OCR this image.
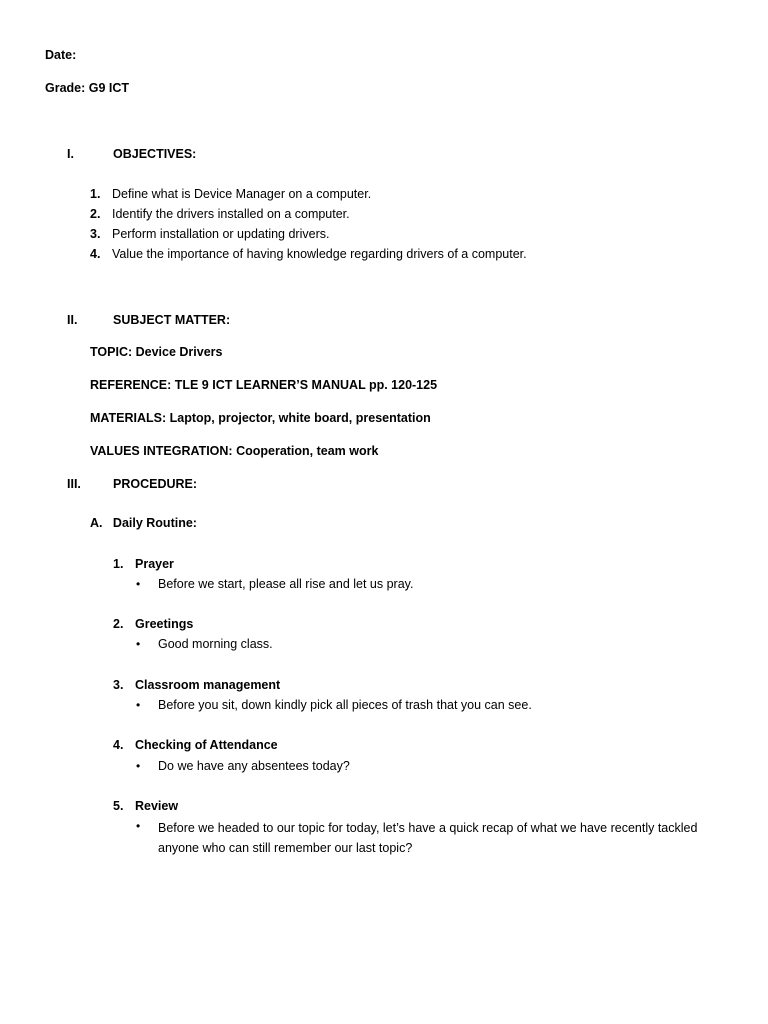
Date:
Grade: G9 ICT
I.	OBJECTIVES:
1. Define what is Device Manager on a computer.
2. Identify the drivers installed on a computer.
3. Perform installation or updating drivers.
4. Value the importance of having knowledge regarding drivers of a computer.
II.	SUBJECT MATTER:
TOPIC: Device Drivers
REFERENCE: TLE 9 ICT LEARNER’S MANUAL pp. 120-125
MATERIALS: Laptop, projector, white board, presentation
VALUES INTEGRATION: Cooperation, team work
III.	PROCEDURE:
A.   Daily Routine:
1. Prayer
• Before we start, please all rise and let us pray.
2. Greetings
• Good morning class.
3. Classroom management
• Before you sit, down kindly pick all pieces of trash that you can see.
4. Checking of Attendance
• Do we have any absentees today?
5. Review
• Before we headed to our topic for today, let’s have a quick recap of what we have recently tackled anyone who can still remember our last topic?
